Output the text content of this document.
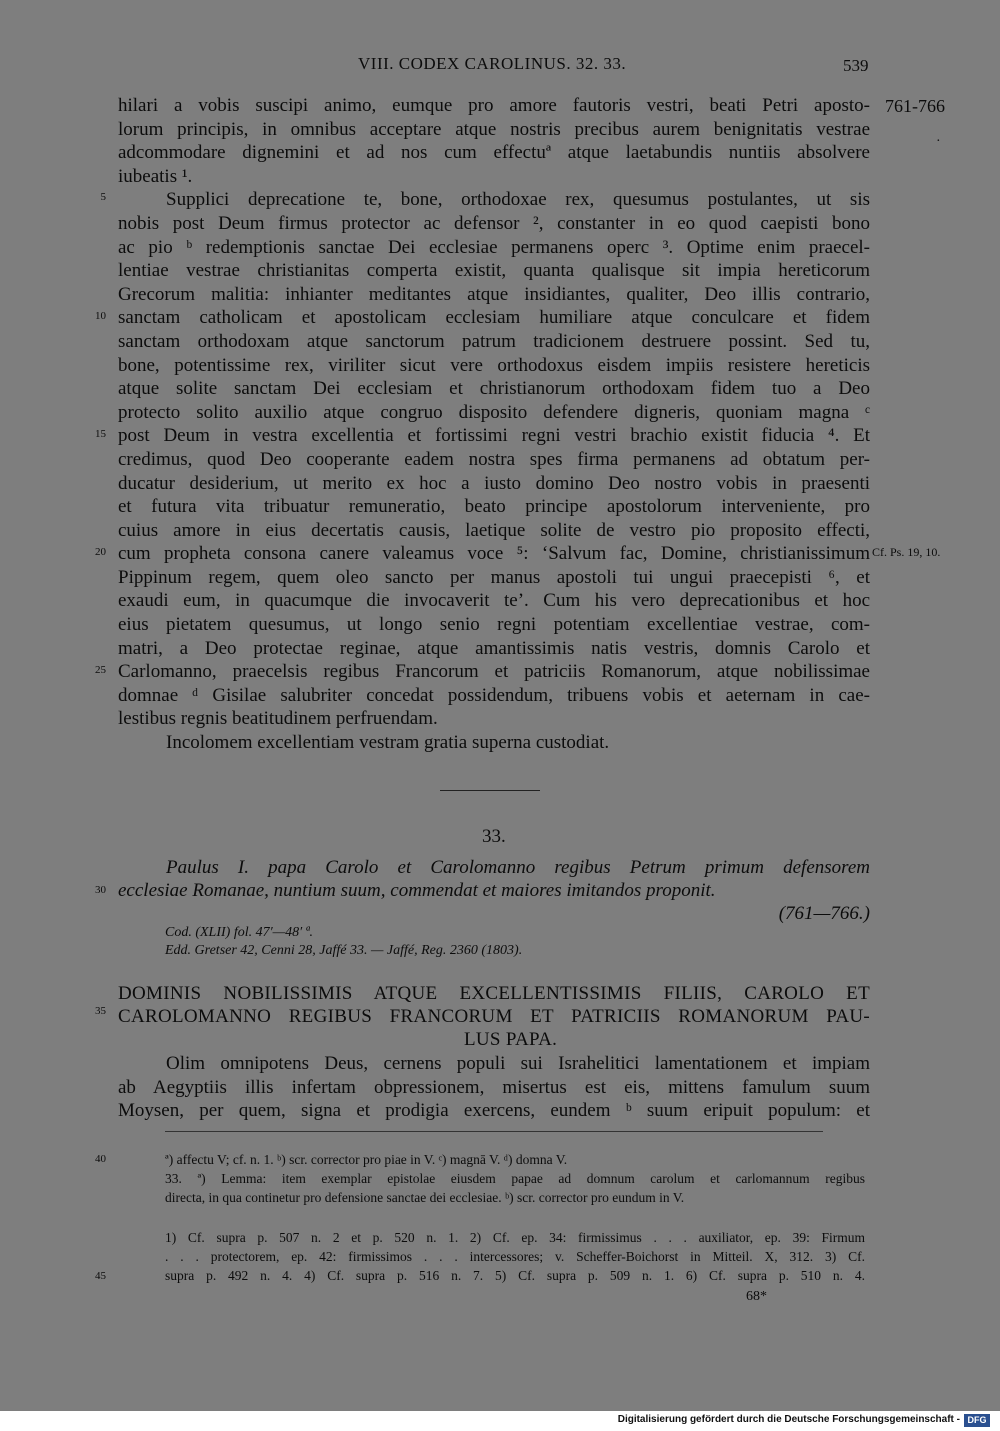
VIII. CODEX CAROLINUS. 32. 33.	539
761-766
·
5
10
15
20
25
30
35
40
45
hilari a vobis suscipi animo, eumque pro amore fautoris vestri, beati Petri aposto-
lorum principis, in omnibus acceptare atque nostris precibus aurem benignitatis vestrae
adcommodare dignemini et ad nos cum effectuª atque laetabundis nuntiis absolvere
iubeatis ¹.
Supplici deprecatione te, bone, orthodoxae rex, quesumus postulantes, ut sis
nobis post Deum firmus protector ac defensor ², constanter in eo quod caepisti bono
ac pio ᵇ redemptionis sanctae Dei ecclesiae permanens operc ³. Optime enim praecel-
lentiae vestrae christianitas comperta existit, quanta qualisque sit impia hereticorum
Grecorum malitia: inhianter meditantes atque insidiantes, qualiter, Deo illis contrario,
sanctam catholicam et apostolicam ecclesiam humiliare atque conculcare et fidem
sanctam orthodoxam atque sanctorum patrum tradicionem destruere possint. Sed tu,
bone, potentissime rex, viriliter sicut vere orthodoxus eisdem impiis resistere hereticis
atque solite sanctam Dei ecclesiam et christianorum orthodoxam fidem tuo a Deo
protecto solito auxilio atque congruo disposito defendere digneris, quoniam magna ᶜ
post Deum in vestra excellentia et fortissimi regni vestri brachio existit fiducia ⁴. Et
credimus, quod Deo cooperante eadem nostra spes firma permanens ad obtatum per-
ducatur desiderium, ut merito ex hoc a iusto domino Deo nostro vobis in praesenti
et futura vita tribuatur remuneratio, beato principe apostolorum interveniente, pro
cuius amore in eius decertatis causis, laetique solite de vestro pio proposito effecti,
cum propheta consona canere valeamus voce ⁵: ‘Salvum fac, Domine, christianissimum
Pippinum regem, quem oleo sancto per manus apostoli tui ungui praecepisti ⁶, et
exaudi eum, in quacumque die invocaverit te’. Cum his vero deprecationibus et hoc
eius pietatem quesumus, ut longo senio regni potentiam excellentiae vestrae, com-
matri, a Deo protectae reginae, atque amantissimis natis vestris, domnis Carolo et
Carlomanno, praecelsis regibus Francorum et patriciis Romanorum, atque nobilissimae
domnae ᵈ Gisilae salubriter concedat possidendum, tribuens vobis et aeternam in cae-
lestibus regnis beatitudinem perfruendam.
Incolomem excellentiam vestram gratia superna custodiat.
Cf. Ps. 19, 10.
33.
Paulus I. papa Carolo et Carolomanno regibus Petrum primum defensorem
ecclesiae Romanae, nuntium suum, commendat et maiores imitandos proponit.
(761—766.)
Cod. (XLII) fol. 47′—48′ ª.
Edd. Gretser 42, Cenni 28, Jaffé 33. — Jaffé, Reg. 2360 (1803).
DOMINIS NOBILISSIMIS ATQUE EXCELLENTISSIMIS FILIIS, CAROLO ET
CAROLOMANNO REGIBUS FRANCORUM ET PATRICIIS ROMANORUM PAU-
LUS PAPA.
Olim omnipotens Deus, cernens populi sui Israhelitici lamentationem et impiam
ab Aegyptiis illis infertam obpressionem, misertus est eis, mittens famulum suum
Moysen, per quem, signa et prodigia exercens, eundem ᵇ suum eripuit populum: et
ª) affectu V; cf. n. 1. ᵇ) scr. corrector pro piae in V. ᶜ) magnā V. ᵈ) domna V.
33. ª) Lemma: item exemplar epistolae eiusdem papae ad domnum carolum et carlomannum regibus
directa, in qua continetur pro defensione sanctae dei ecclesiae. ᵇ) scr. corrector pro eundum in V.
1) Cf. supra p. 507 n. 2 et p. 520 n. 1. 2) Cf. ep. 34: firmissimus . . . auxiliator, ep. 39: Firmum
. . . protectorem, ep. 42: firmissimos . . . intercessores; v. Scheffer-Boichorst in Mitteil. X, 312. 3) Cf.
supra p. 492 n. 4. 4) Cf. supra p. 516 n. 7. 5) Cf. supra p. 509 n. 1. 6) Cf. supra p. 510 n. 4.
68*
Digitalisierung gefördert durch die Deutsche Forschungsgemeinschaft - DFG
